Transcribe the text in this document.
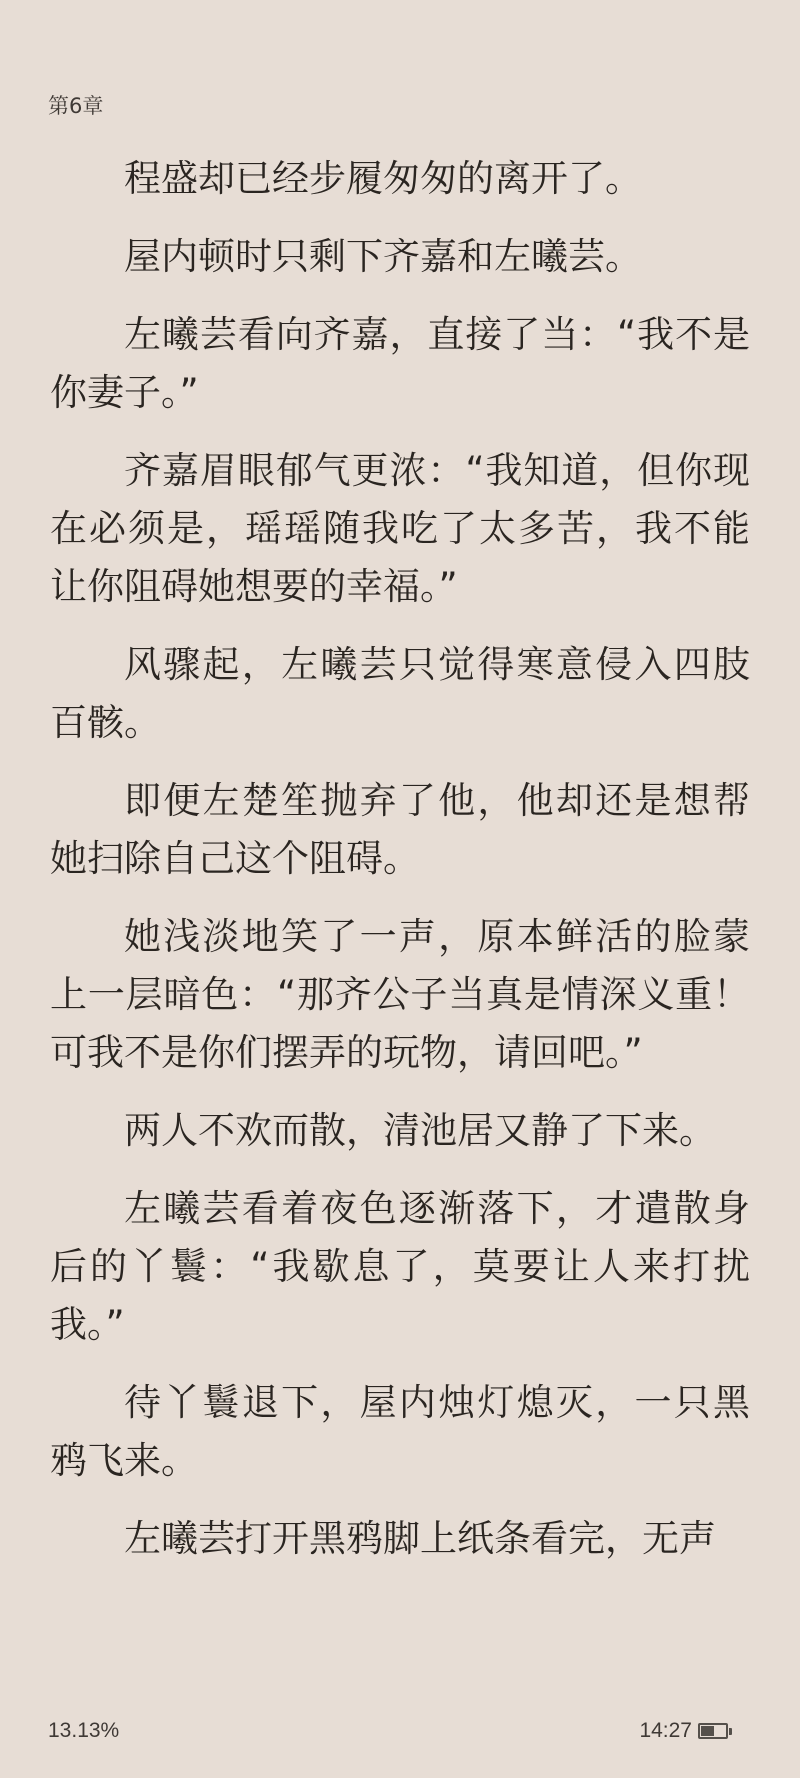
第6章

程盛却已经步履匆匆的离开了。

屋内顿时只剩下齐嘉和左曦芸。

左曦芸看向齐嘉，直接了当：“我不是你妻子。”

齐嘉眉眼郁气更浓：“我知道，但你现在必须是，瑶瑶随我吃了太多苦，我不能让你阻碍她想要的幸福。”

风骤起，左曦芸只觉得寒意侵入四肢百骸。

即便左楚笙抛弃了他，他却还是想帮她扫除自己这个阻碍。

她浅淡地笑了一声，原本鲜活的脸蒙上一层暗色：“那齐公子当真是情深义重！可我不是你们摆弄的玩物，请回吧。”

两人不欢而散，清池居又静了下来。

左曦芸看着夜色逐渐落下，才遣散身后的丫鬟：“我歇息了，莫要让人来打扰我。”

待丫鬟退下，屋内烛灯熄灭，一只黑鸦飞来。

左曦芸打开黑鸦脚上纸条看完，无声

13.13%	14:27
